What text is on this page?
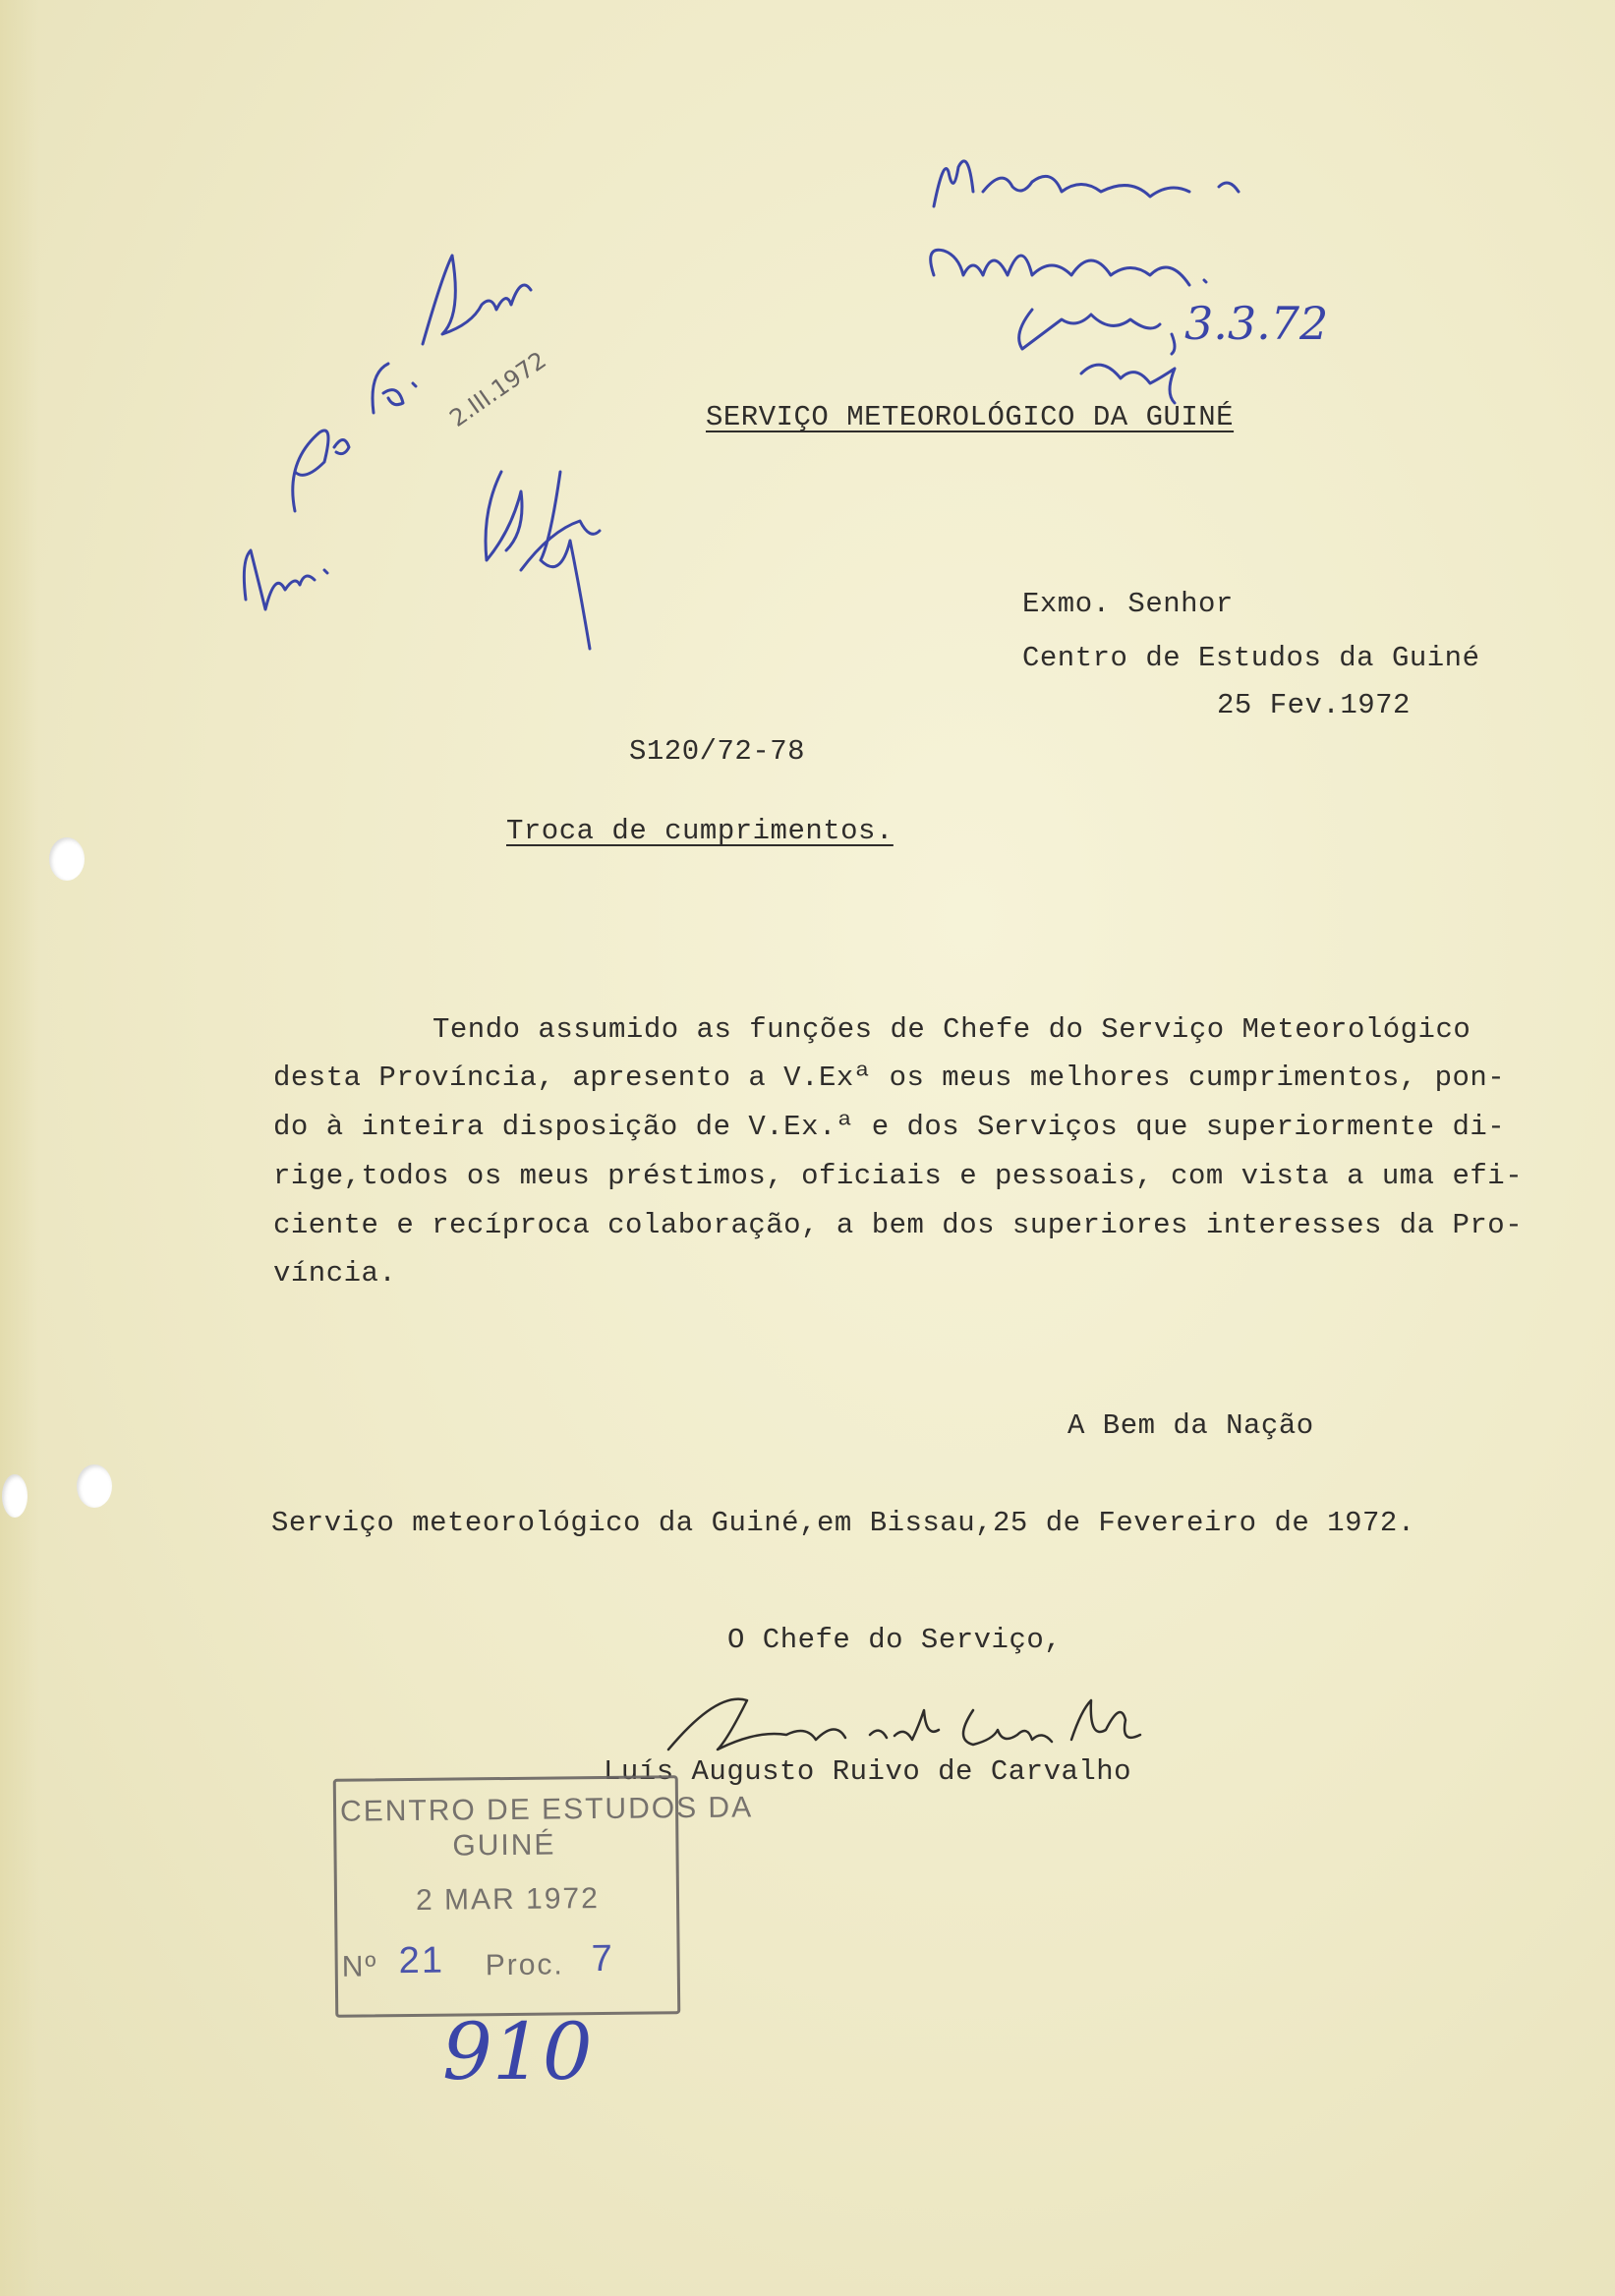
3.3.72
2.III.1972	SERVIÇO METEOROLÓGICO DA GUINÉ
Exmo. Senhor
Centro de Estudos da Guiné
25 Fev.1972
S120/72-78
Troca de cumprimentos.
Tendo assumido as funções de Chefe do Serviço Meteorológico
desta Província, apresento a V.Exª os meus melhores cumprimentos, pon-
do à inteira disposição de V.Ex.ª e dos Serviços que superiormente di-
rige,todos os meus préstimos, oficiais e pessoais, com vista a uma efi-
ciente e recíproca colaboração, a bem dos superiores interesses da Pro-
víncia.
A Bem da Nação
Serviço meteorológico da Guiné,em Bissau,25 de Fevereiro de 1972.
O Chefe do Serviço,
Luís Augusto Ruivo de Carvalho
CENTRO DE ESTUDOS DA
GUINÉ
2 MAR 1972
Nº 21 Proc. 7
910
